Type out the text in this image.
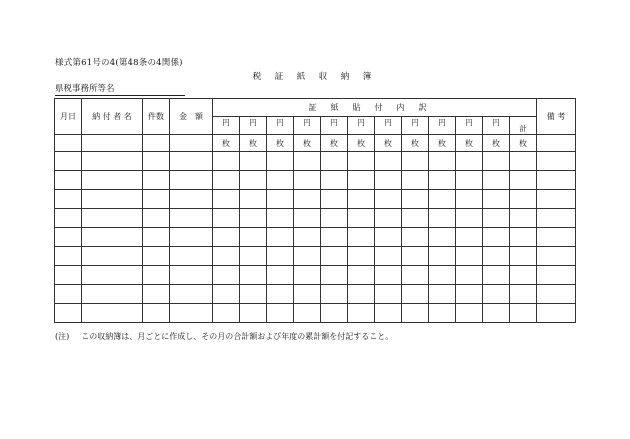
様式第61号の4(第48条の4関係)
税 証 紙 収 納 簿
県税事務所等名
月日	納 付 者 名	件数	金　額	証紙貼付内訳												備 考
				円	円	円	円	円	円	円	円	円	円	円	計	
				枚	枚	枚	枚	枚	枚	枚	枚	枚	枚	枚	枚	

(注) この収納簿は、月ごとに作成し、その月の合計額および年度の累計額を付記すること。
